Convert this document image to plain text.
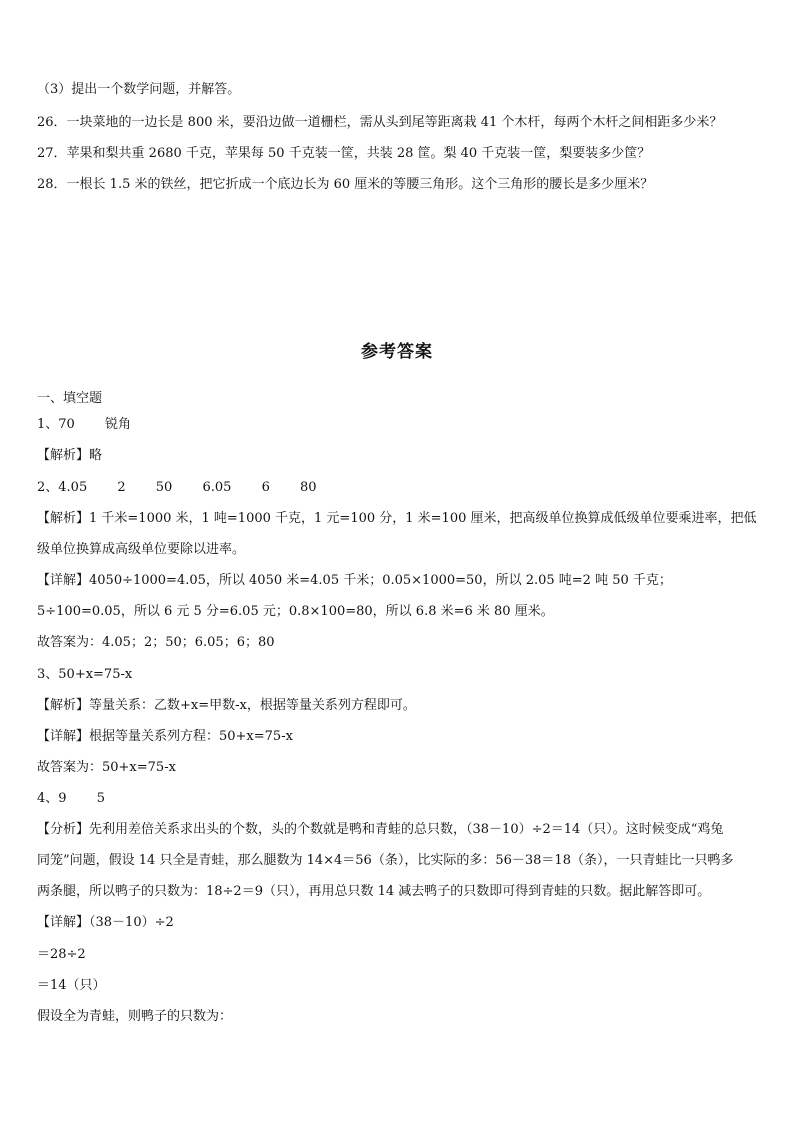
（3）提出一个数学问题，并解答。
26．一块菜地的一边长是 800 米，要沿边做一道栅栏，需从头到尾等距离栽 41 个木杆，每两个木杆之间相距多少米？
27．苹果和梨共重 2680 千克，苹果每 50 千克装一筐，共装 28 筐。梨 40 千克装一筐，梨要装多少筐？
28．一根长 1.5 米的铁丝，把它折成一个底边长为 60 厘米的等腰三角形。这个三角形的腰长是多少厘米？
参考答案
一、填空题
1、70 锐角
【解析】略
2、4.05 2 50 6.05 6 80
【解析】1 千米=1000 米，1 吨=1000 千克，1 元=100 分，1 米=100 厘米，把高级单位换算成低级单位要乘进率，把低
级单位换算成高级单位要除以进率。
【详解】4050÷1000=4.05，所以 4050 米=4.05 千米；0.05×1000=50，所以 2.05 吨=2 吨 50 千克；
5÷100=0.05，所以 6 元 5 分=6.05 元；0.8×100=80，所以 6.8 米=6 米 80 厘米。
故答案为：4.05；2；50；6.05；6；80
3、50+x=75-x
【解析】等量关系：乙数+x=甲数-x，根据等量关系列方程即可。
【详解】根据等量关系列方程：50+x=75-x
故答案为：50+x=75-x
4、9 5
【分析】先利用差倍关系求出头的个数，头的个数就是鸭和青蛙的总只数，（38－10）÷2＝14（只）。这时候变成“鸡兔
同笼”问题，假设 14 只全是青蛙，那么腿数为 14×4＝56（条），比实际的多：56－38＝18（条），一只青蛙比一只鸭多
两条腿，所以鸭子的只数为：18÷2＝9（只），再用总只数 14 减去鸭子的只数即可得到青蛙的只数。据此解答即可。
【详解】（38－10）÷2
＝28÷2
＝14（只）
假设全为青蛙，则鸭子的只数为：
